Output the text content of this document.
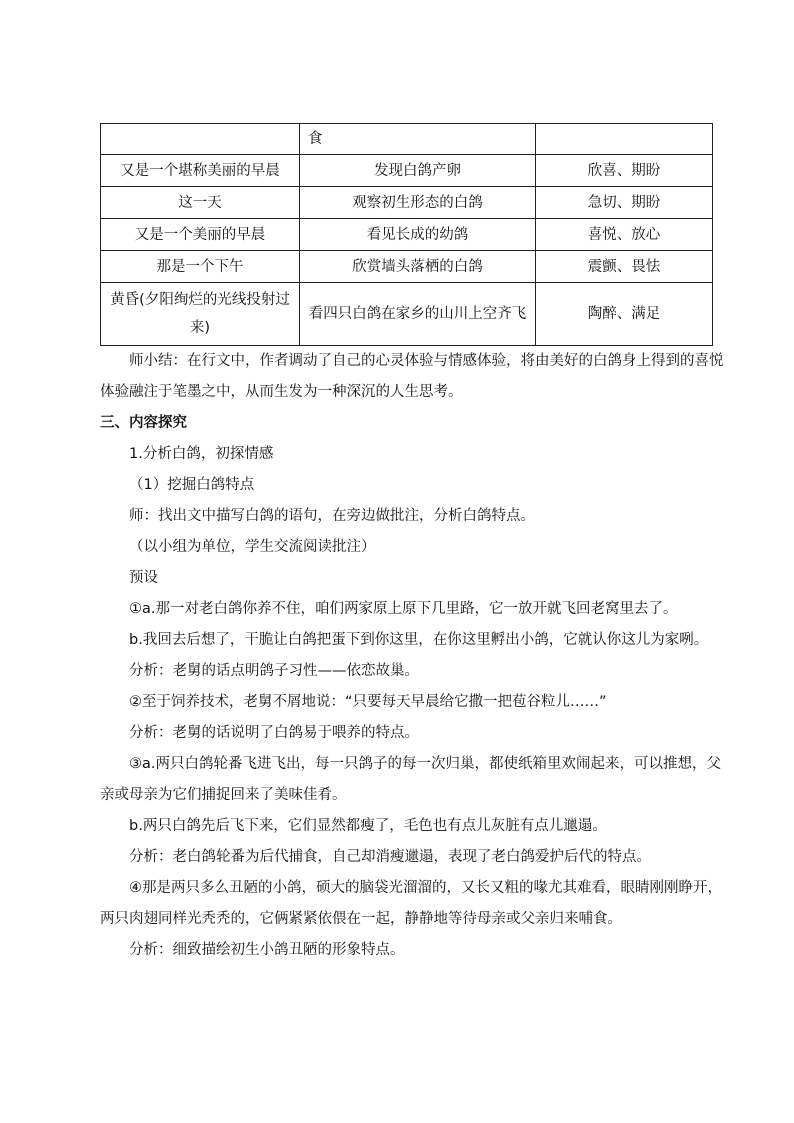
	食	
又是一个堪称美丽的早晨	发现白鸽产卵	欣喜、期盼
这一天	观察初生形态的白鸽	急切、期盼
又是一个美丽的早晨	看见长成的幼鸽	喜悦、放心
那是一个下午	欣赏墙头落栖的白鸽	震颤、畏怯
黄昏(夕阳绚烂的光线投射过来)	看四只白鸽在家乡的山川上空齐飞	陶醉、满足

师小结：在行文中，作者调动了自己的心灵体验与情感体验，将由美好的白鸽身上得到的喜悦体验融注于笔墨之中，从而生发为一种深沉的人生思考。

三、内容探究

1.分析白鸽，初探情感

（1）挖掘白鸽特点

师：找出文中描写白鸽的语句，在旁边做批注，分析白鸽特点。

（以小组为单位，学生交流阅读批注）

预设

①a.那一对老白鸽你养不住，咱们两家原上原下几里路，它一放开就飞回老窝里去了。

b.我回去后想了，干脆让白鸽把蛋下到你这里，在你这里孵出小鸽，它就认你这儿为家咧。

分析：老舅的话点明鸽子习性——依恋故巢。

②至于饲养技术，老舅不屑地说：“只要每天早晨给它撒一把苞谷粒儿……”

分析：老舅的话说明了白鸽易于喂养的特点。

③a.两只白鸽轮番飞进飞出，每一只鸽子的每一次归巢，都使纸箱里欢闹起来，可以推想，父亲或母亲为它们捕捉回来了美味佳肴。

b.两只白鸽先后飞下来，它们显然都瘦了，毛色也有点儿灰脏有点儿邋遢。

分析：老白鸽轮番为后代捕食，自己却消瘦邋遢，表现了老白鸽爱护后代的特点。

④那是两只多么丑陋的小鸽，硕大的脑袋光溜溜的，又长又粗的喙尤其难看，眼睛刚刚睁开，两只肉翅同样光秃秃的，它俩紧紧依偎在一起，静静地等待母亲或父亲归来哺食。

分析：细致描绘初生小鸽丑陋的形象特点。
